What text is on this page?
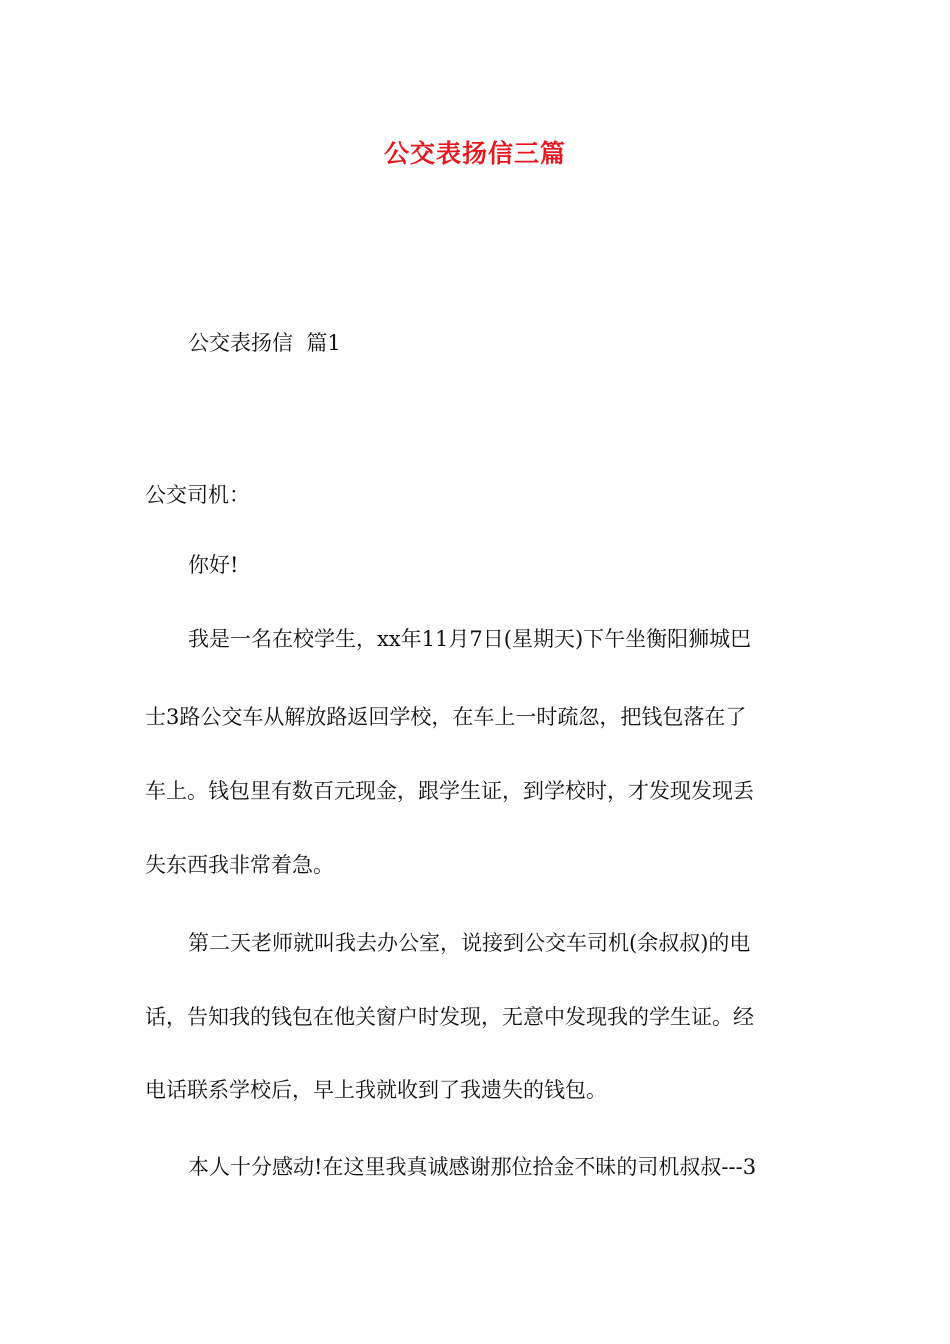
公交表扬信三篇

公交表扬信  篇1

公交司机：

你好!

我是一名在校学生，xx年11月7日(星期天)下午坐衡阳狮城巴

士3路公交车从解放路返回学校，在车上一时疏忽，把钱包落在了

车上。钱包里有数百元现金，跟学生证，到学校时，才发现发现丢

失东西我非常着急。

第二天老师就叫我去办公室，说接到公交车司机(余叔叔)的电

话，告知我的钱包在他关窗户时发现，无意中发现我的学生证。经

电话联系学校后，早上我就收到了我遗失的钱包。

本人十分感动!在这里我真诚感谢那位拾金不昧的司机叔叔---3
